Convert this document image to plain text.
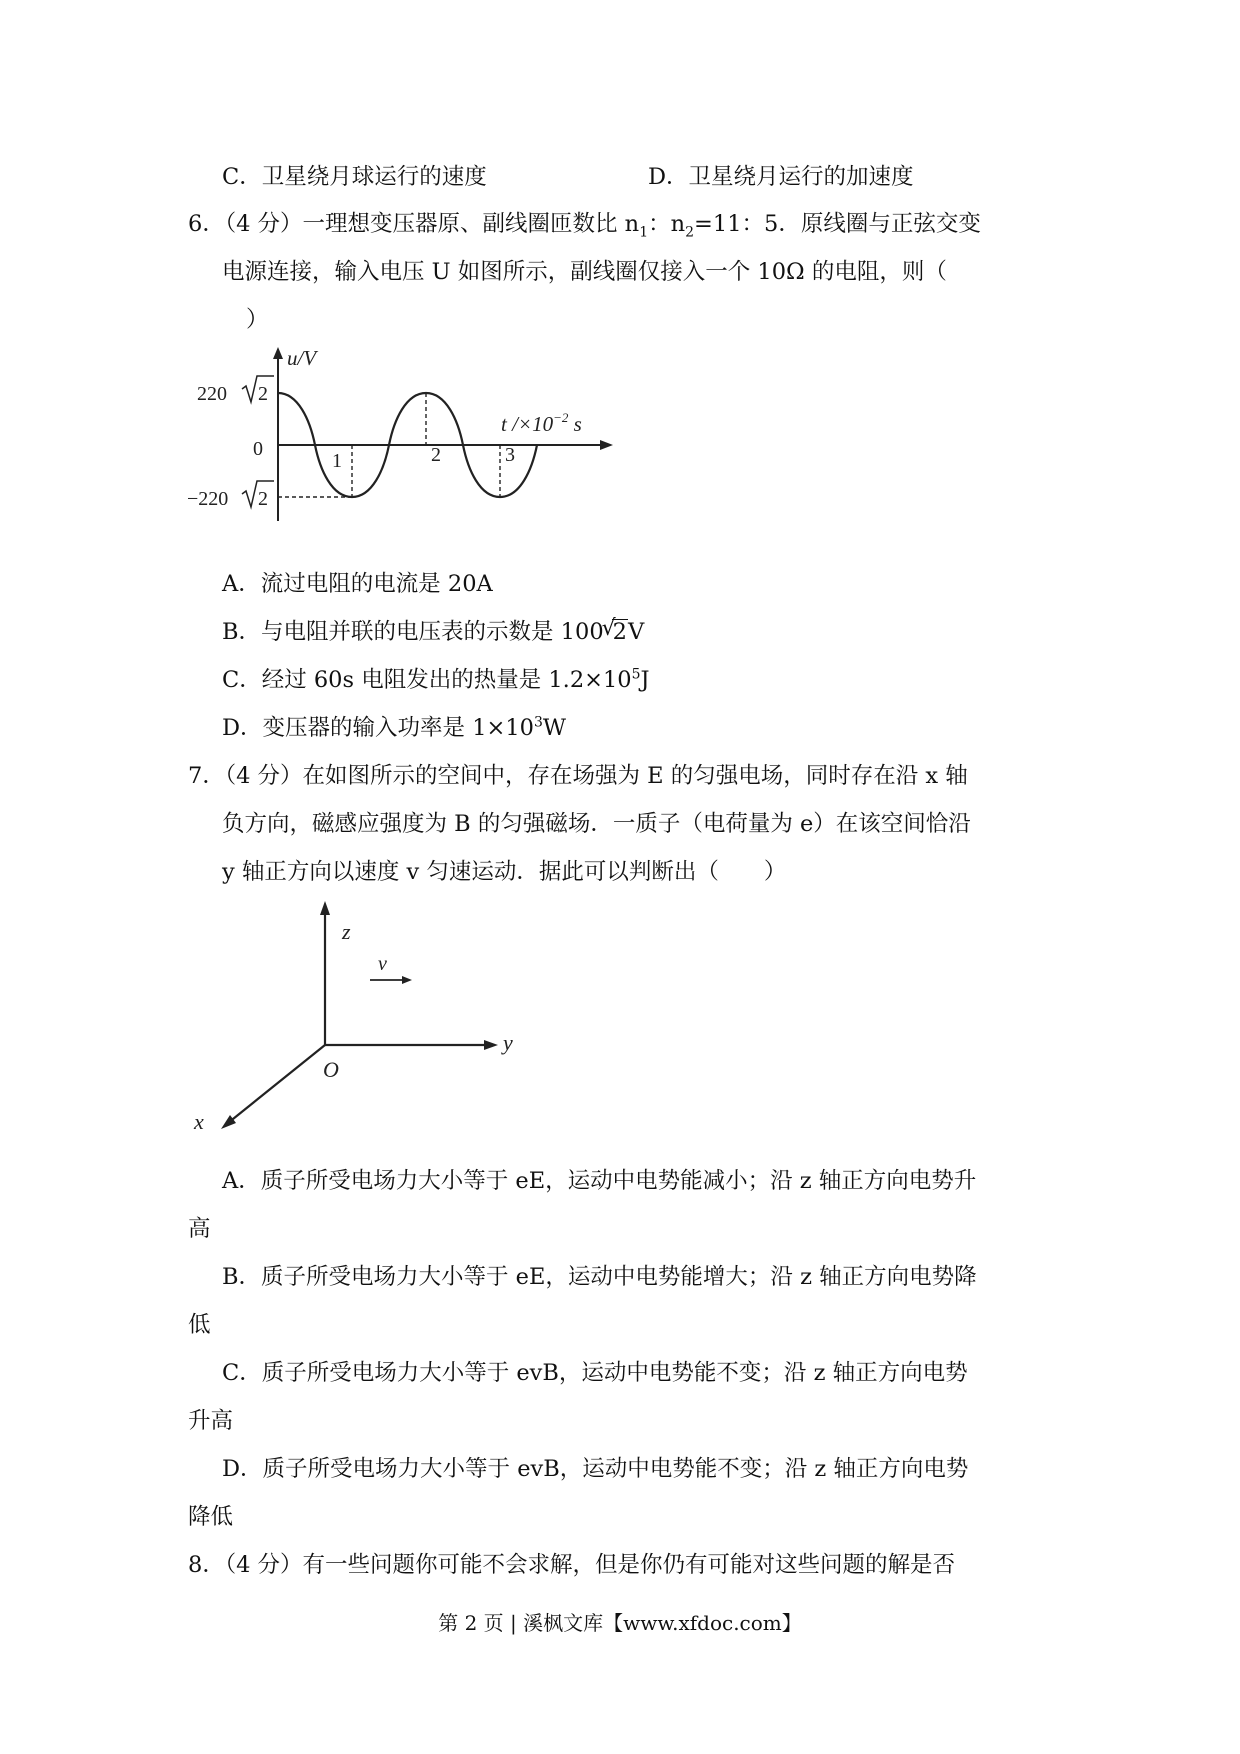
C．卫星绕月球运行的速度	D．卫星绕月运行的加速度
6．（4 分）一理想变压器原、副线圈匝数比 $n_1$：$n_2=11$：5．原线圈与正弦交变
电源连接，输入电压 U 如图所示，副线圈仅接入一个 10Ω 的电阻，则（
）
u/V
t $/\times 10^{-2}$ s
220 2
0
−220 2
1	2	3
A．流过电阻的电流是 20A
B．与电阻并联的电压表的示数是 100
√
2V
C．经过 60s 电阻发出的热量是 $1.2\times 10^5J$
D．变压器的输入功率是 $1\times 10^3W$
7．（4 分）在如图所示的空间中，存在场强为 E 的匀强电场，同时存在沿 x 轴
负方向，磁感应强度为 B 的匀强磁场．一质子（电荷量为 e）在该空间恰沿
y 轴正方向以速度 v 匀速运动．据此可以判断出（　　）
z
y
x
O
v
A．质子所受电场力大小等于 eE，运动中电势能减小；沿 z 轴正方向电势升
高
B．质子所受电场力大小等于 eE，运动中电势能增大；沿 z 轴正方向电势降
低
C．质子所受电场力大小等于 evB，运动中电势能不变；沿 z 轴正方向电势
升高
D．质子所受电场力大小等于 evB，运动中电势能不变；沿 z 轴正方向电势
降低
8．（4 分）有一些问题你可能不会求解，但是你仍有可能对这些问题的解是否
第 2 页 | 溪枫文库【www.xfdoc.com】
